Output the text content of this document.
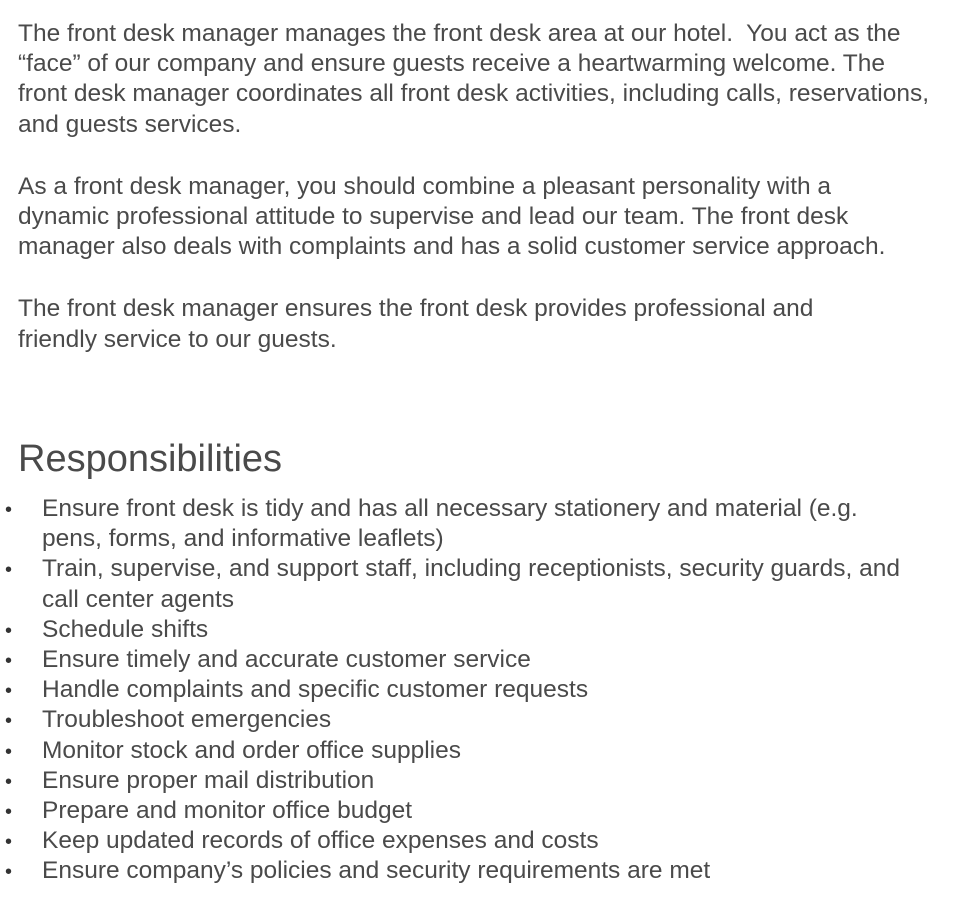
The front desk manager manages the front desk area at our hotel.  You act as the “face” of our company and ensure guests receive a heartwarming welcome. The front desk manager coordinates all front desk activities, including calls, reservations, and guests services.

As a front desk manager, you should combine a pleasant personality with a dynamic professional attitude to supervise and lead our team. The front desk manager also deals with complaints and has a solid customer service approach.

The front desk manager ensures the front desk provides professional and friendly service to our guests.

Responsibilities
• Ensure front desk is tidy and has all necessary stationery and material (e.g. pens, forms, and informative leaflets)
• Train, supervise, and support staff, including receptionists, security guards, and call center agents
• Schedule shifts
• Ensure timely and accurate customer service
• Handle complaints and specific customer requests
• Troubleshoot emergencies
• Monitor stock and order office supplies
• Ensure proper mail distribution
• Prepare and monitor office budget
• Keep updated records of office expenses and costs
• Ensure company’s policies and security requirements are met
